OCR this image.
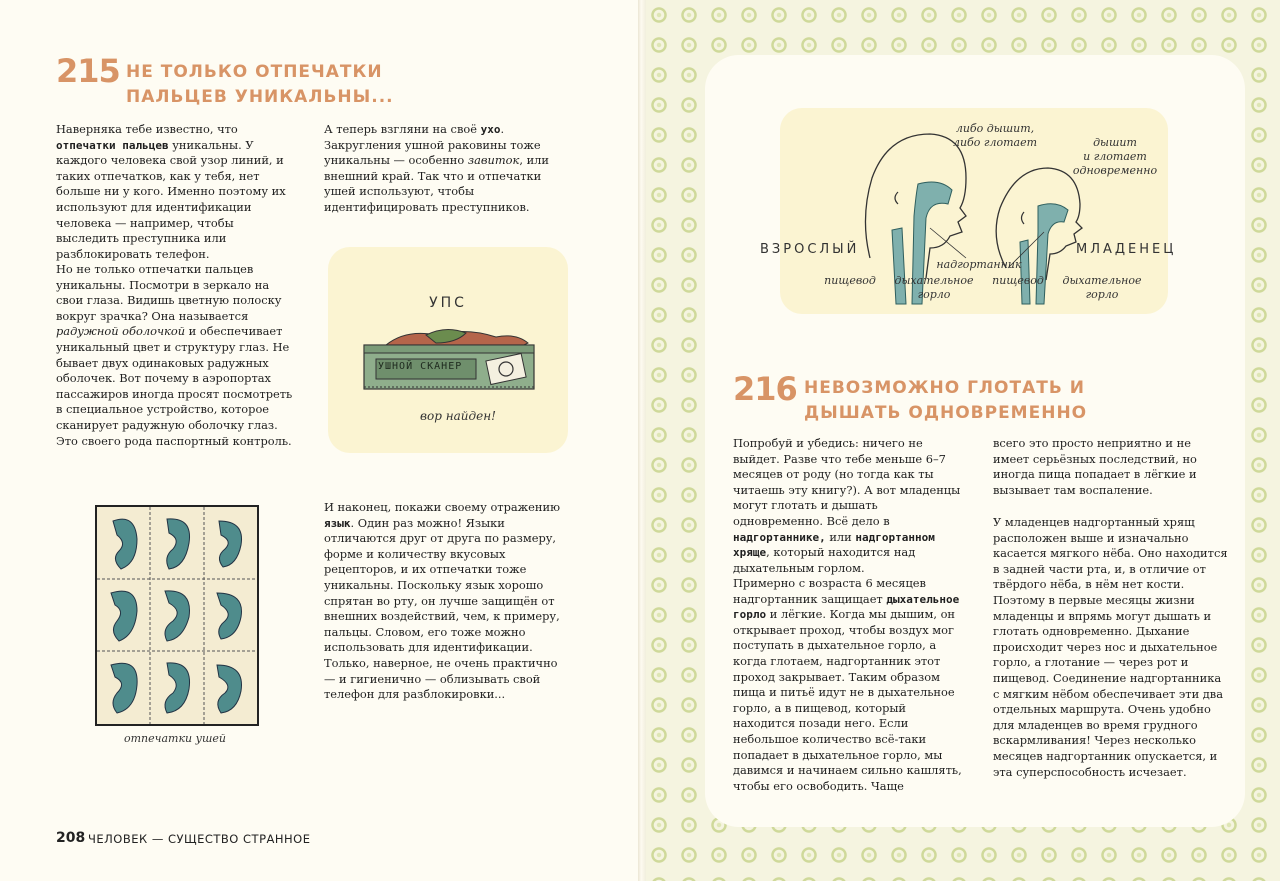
215 НЕ ТОЛЬКО ОТПЕЧАТКИ ПАЛЬЦЕВ УНИКАЛЬНЫ...
Наверняка тебе известно, что отпечатки пальцев уникальны. У каждого человека свой узор линий, и таких отпечатков, как у тебя, нет больше ни у кого. Именно поэтому их используют для идентификации человека — например, чтобы выследить преступника или разблокировать телефон.
Но не только отпечатки пальцев уникальны. Посмотри в зеркало на свои глаза. Видишь цветную полоску вокруг зрачка? Она называется радужной оболочкой и обеспечивает уникальный цвет и структуру глаз. Не бывает двух одинаковых радужных оболочек. Вот почему в аэропортах пассажиров иногда просят посмотреть в специальное устройство, которое сканирует радужную оболочку глаз. Это своего рода паспортный контроль.
А теперь взгляни на своё ухо. Закругления ушной раковины тоже уникальны — особенно завиток, или внешний край. Так что и отпечатки ушей используют, чтобы идентифицировать преступников.
УПС
УШНОЙ СКАНЕР
вор найден!
отпечатки ушей
И наконец, покажи своему отражению язык. Один раз можно! Языки отличаются друг от друга по размеру, форме и количеству вкусовых рецепторов, и их отпечатки тоже уникальны. Поскольку язык хорошо спрятан во рту, он лучше защищён от внешних воздействий, чем, к примеру, пальцы. Словом, его тоже можно использовать для идентификации. Только, наверное, не очень практично — и гигиенично — облизывать свой телефон для разблокировки...
208 ЧЕЛОВЕК — СУЩЕСТВО СТРАННОЕ
ВЗРОСЛЫЙ	МЛАДЕНЕЦ
либо дышит,
либо глотает	дышит
и глотает
одновременно
надгортанник
пищевод	дыхательное
горло
пищевод	дыхательное
горло
216 НЕВОЗМОЖНО ГЛОТАТЬ И ДЫШАТЬ ОДНОВРЕМЕННО
Попробуй и убедись: ничего не выйдет. Разве что тебе меньше 6–7 месяцев от роду (но тогда как ты читаешь эту книгу?). А вот младенцы могут глотать и дышать одновременно. Всё дело в надгортаннике, или надгортанном хряще, который находится над дыхательным горлом.
Примерно с возраста 6 месяцев надгортанник защищает дыхательное горло и лёгкие. Когда мы дышим, он открывает проход, чтобы воздух мог поступать в дыхательное горло, а когда глотаем, надгортанник этот проход закрывает. Таким образом пища и питьё идут не в дыхательное горло, а в пищевод, который находится позади него. Если небольшое количество всё-таки попадает в дыхательное горло, мы давимся и начинаем сильно кашлять, чтобы его освободить. Чаще
всего это просто неприятно и не имеет серьёзных последствий, но иногда пища попадает в лёгкие и вызывает там воспаление.
У младенцев надгортанный хрящ расположен выше и изначально касается мягкого нёба. Оно находится в задней части рта, и, в отличие от твёрдого нёба, в нём нет кости. Поэтому в первые месяцы жизни младенцы и впрямь могут дышать и глотать одновременно. Дыхание происходит через нос и дыхательное горло, а глотание — через рот и пищевод. Соединение надгортанника с мягким нёбом обеспечивает эти два отдельных маршрута. Очень удобно для младенцев во время грудного вскармливания! Через несколько месяцев надгортанник опускается, и эта суперспособность исчезает.
